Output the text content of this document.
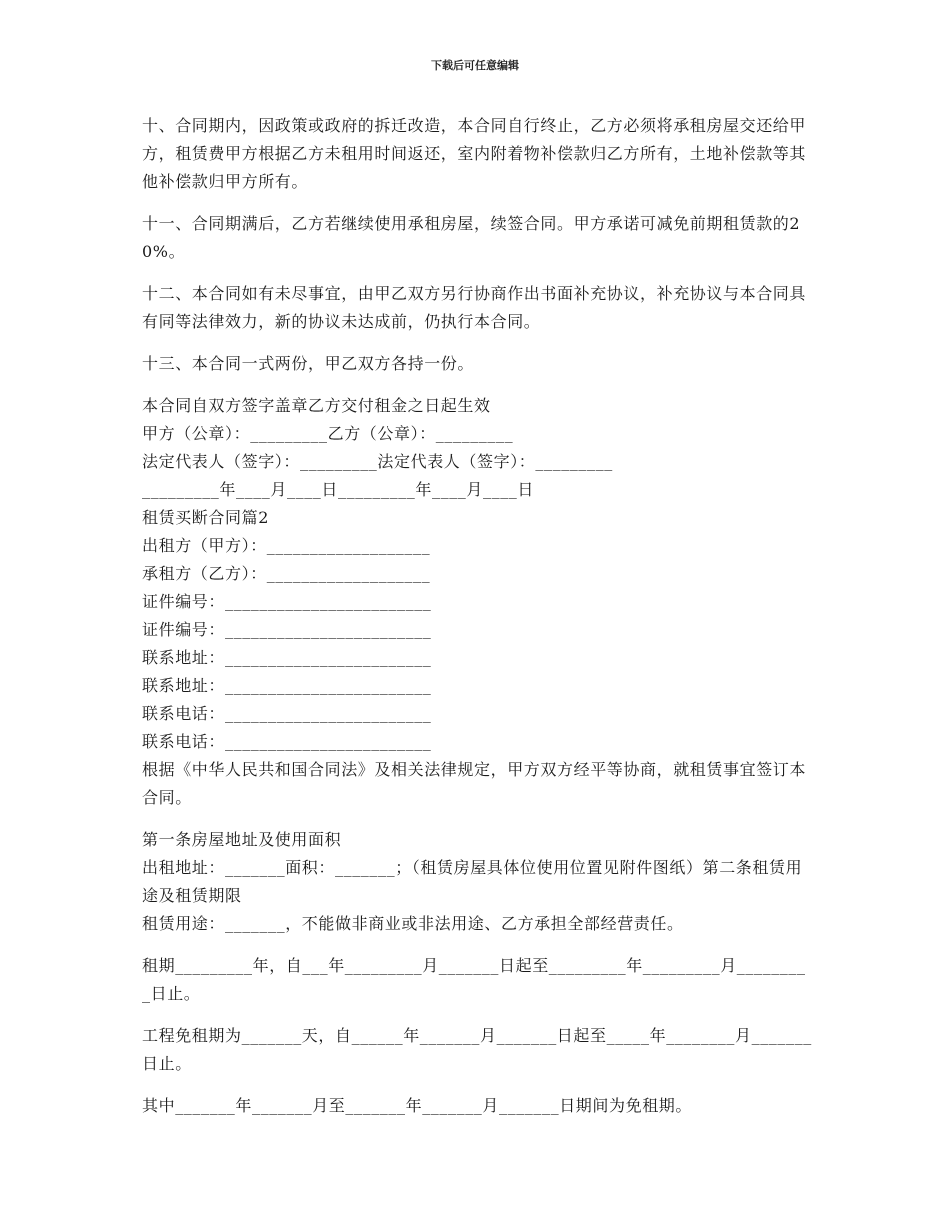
下载后可任意编辑

十、合同期内，因政策或政府的拆迁改造，本合同自行终止，乙方必须将承租房屋交还给甲方，租赁费甲方根据乙方未租用时间返还，室内附着物补偿款归乙方所有，土地补偿款等其他补偿款归甲方所有。

十一、合同期满后，乙方若继续使用承租房屋，续签合同。甲方承诺可减免前期租赁款的20%。

十二、本合同如有未尽事宜，由甲乙双方另行协商作出书面补充协议，补充协议与本合同具有同等法律效力，新的协议未达成前，仍执行本合同。

十三、本合同一式两份，甲乙双方各持一份。

本合同自双方签字盖章乙方交付租金之日起生效

甲方（公章）：_________乙方（公章）：_________

法定代表人（签字）：_________法定代表人（签字）：_________

_________年____月____日_________年____月____日

租赁买断合同篇2

出租方（甲方）：___________________

承租方（乙方）：___________________

证件编号：________________________

证件编号：________________________

联系地址：________________________

联系地址：________________________

联系电话：________________________

联系电话：________________________

根据《中华人民共和国合同法》及相关法律规定，甲方双方经平等协商，就租赁事宜签订本合同。

第一条房屋地址及使用面积

出租地址：_______面积：_______；（租赁房屋具体位使用位置见附件图纸）第二条租赁用途及租赁期限

租赁用途：_______，不能做非商业或非法用途、乙方承担全部经营责任。

租期_________年，自___年_________月_______日起至_________年_________月_________日止。

工程免租期为_______天，自______年_______月_______日起至_____年________月_______日止。

其中_______年_______月至_______年_______月_______日期间为免租期。
